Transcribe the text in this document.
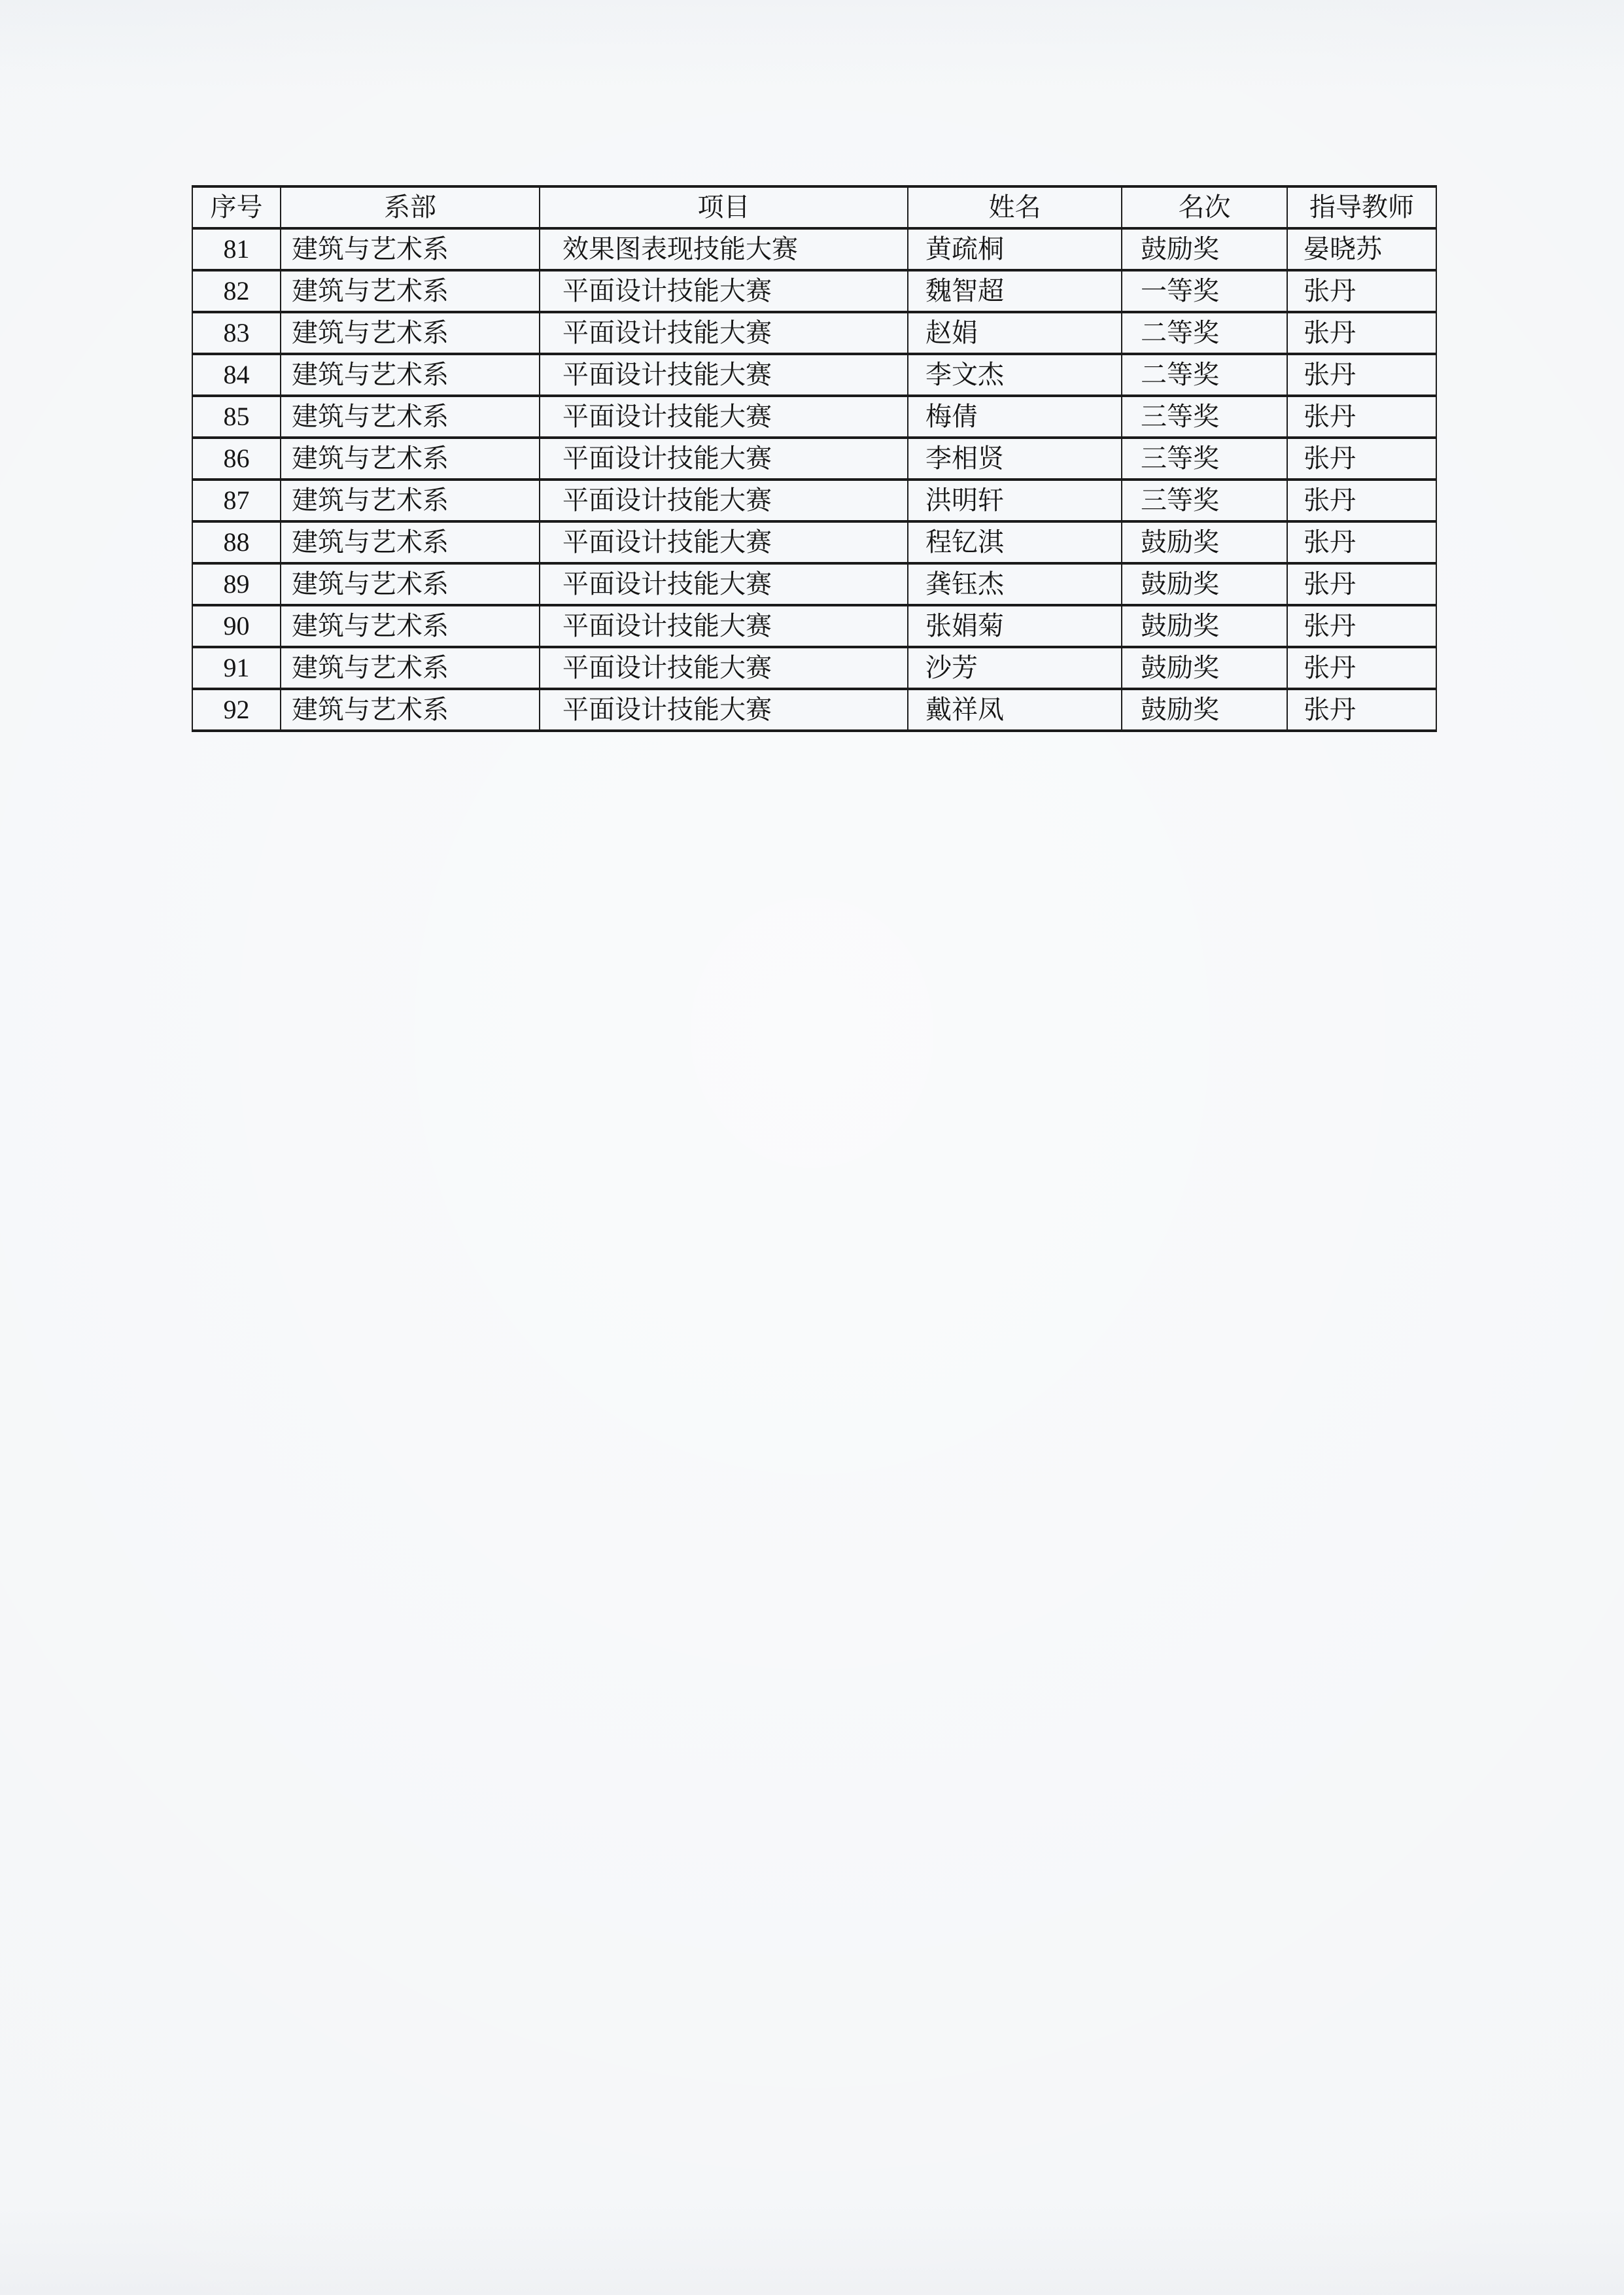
序号	系部	项目	姓名	名次	指导教师
81	建筑与艺术系	效果图表现技能大赛	黄疏桐	鼓励奖	晏晓苏
82	建筑与艺术系	平面设计技能大赛	魏智超	一等奖	张丹
83	建筑与艺术系	平面设计技能大赛	赵娟	二等奖	张丹
84	建筑与艺术系	平面设计技能大赛	李文杰	二等奖	张丹
85	建筑与艺术系	平面设计技能大赛	梅倩	三等奖	张丹
86	建筑与艺术系	平面设计技能大赛	李相贤	三等奖	张丹
87	建筑与艺术系	平面设计技能大赛	洪明轩	三等奖	张丹
88	建筑与艺术系	平面设计技能大赛	程钇淇	鼓励奖	张丹
89	建筑与艺术系	平面设计技能大赛	龚钰杰	鼓励奖	张丹
90	建筑与艺术系	平面设计技能大赛	张娟菊	鼓励奖	张丹
91	建筑与艺术系	平面设计技能大赛	沙芳	鼓励奖	张丹
92	建筑与艺术系	平面设计技能大赛	戴祥凤	鼓励奖	张丹
